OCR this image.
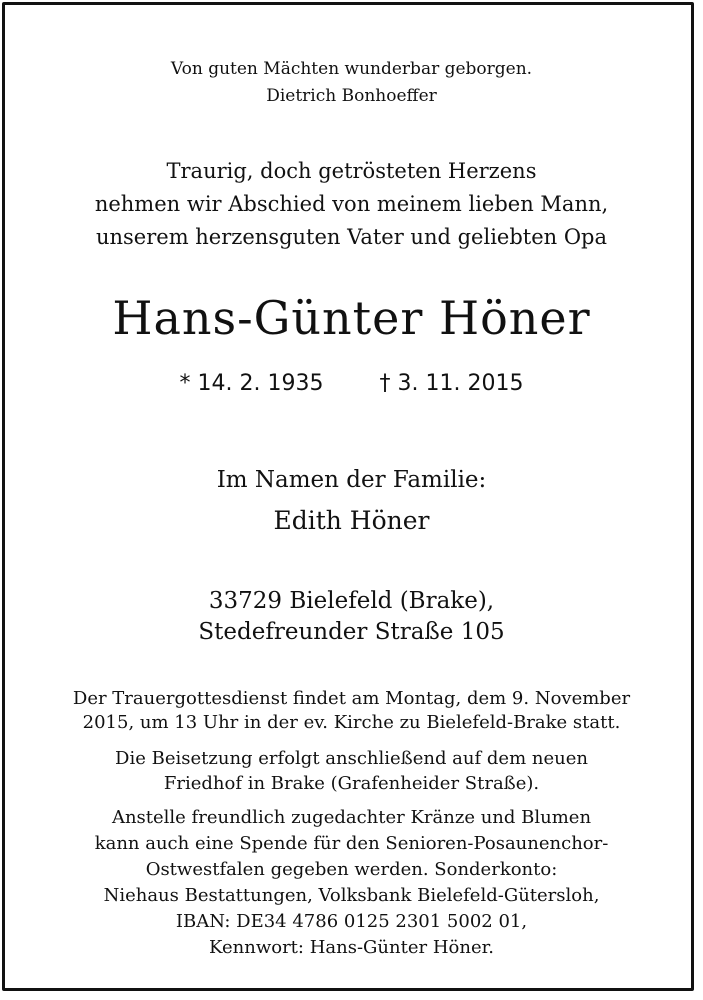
Von guten Mächten wunderbar geborgen.
Dietrich Bonhoeffer
Traurig, doch getrösteten Herzens
nehmen wir Abschied von meinem lieben Mann,
unserem herzensguten Vater und geliebten Opa
Hans-Günter Höner
* 14. 2. 1935	† 3. 11. 2015
Im Namen der Familie:
Edith Höner
33729 Bielefeld (Brake),
Stedefreunder Straße 105
Der Trauergottesdienst findet am Montag, dem 9. November
2015, um 13 Uhr in der ev. Kirche zu Bielefeld-Brake statt.
Die Beisetzung erfolgt anschließend auf dem neuen
Friedhof in Brake (Grafenheider Straße).
Anstelle freundlich zugedachter Kränze und Blumen
kann auch eine Spende für den Senioren-Posaunenchor-
Ostwestfalen gegeben werden. Sonderkonto:
Niehaus Bestattungen, Volksbank Bielefeld-Gütersloh,
IBAN: DE34 4786 0125 2301 5002 01,
Kennwort: Hans-Günter Höner.
